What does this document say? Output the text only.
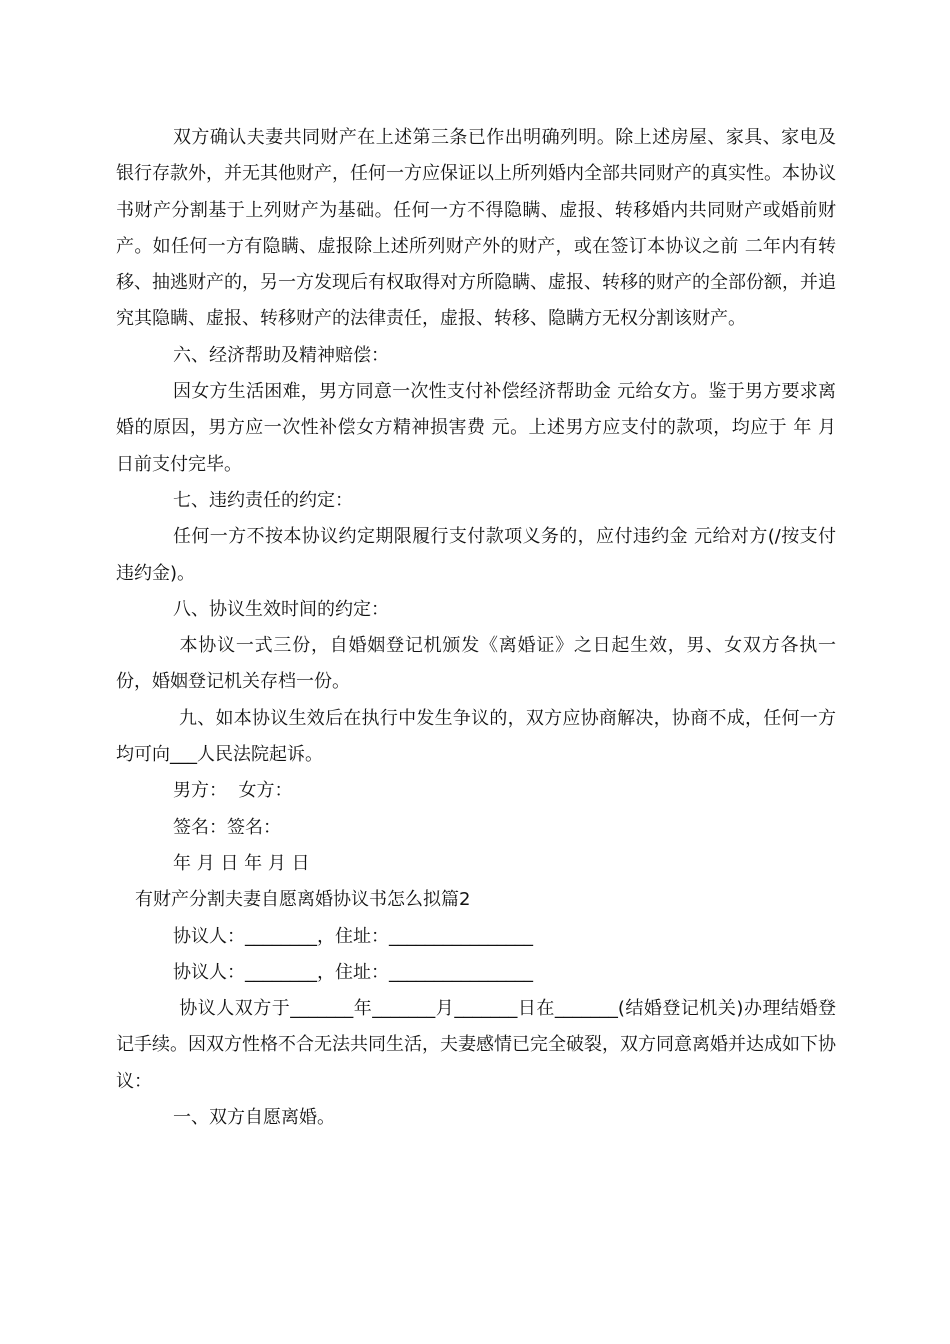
双方确认夫妻共同财产在上述第三条已作出明确列明。除上述房屋、家具、家电及银行存款外，并无其他财产，任何一方应保证以上所列婚内全部共同财产的真实性。本协议书财产分割基于上列财产为基础。任何一方不得隐瞒、虚报、转移婚内共同财产或婚前财产。如任何一方有隐瞒、虚报除上述所列财产外的财产，或在签订本协议之前 二年内有转移、抽逃财产的，另一方发现后有权取得对方所隐瞒、虚报、转移的财产的全部份额，并追究其隐瞒、虚报、转移财产的法律责任，虚报、转移、隐瞒方无权分割该财产。

六、经济帮助及精神赔偿：

因女方生活困难，男方同意一次性支付补偿经济帮助金 元给女方。鉴于男方要求离婚的原因，男方应一次性补偿女方精神损害费 元。上述男方应支付的款项，均应于 年 月 日前支付完毕。

七、违约责任的约定：

任何一方不按本协议约定期限履行支付款项义务的，应付违约金 元给对方(/按支付违约金)。

八、协议生效时间的约定：

本协议一式三份，自婚姻登记机颁发《离婚证》之日起生效，男、女双方各执一份，婚姻登记机关存档一份。

九、如本协议生效后在执行中发生争议的，双方应协商解决，协商不成，任何一方均可向___人民法院起诉。

男方：  女方：

签名：签名：

年 月 日 年 月 日

有财产分割夫妻自愿离婚协议书怎么拟篇2

协议人：________，住址：________________

协议人：________，住址：________________

协议人双方于_______年_______月_______日在_______(结婚登记机关)办理结婚登记手续。因双方性格不合无法共同生活，夫妻感情已完全破裂，双方同意离婚并达成如下协议：

一、双方自愿离婚。
